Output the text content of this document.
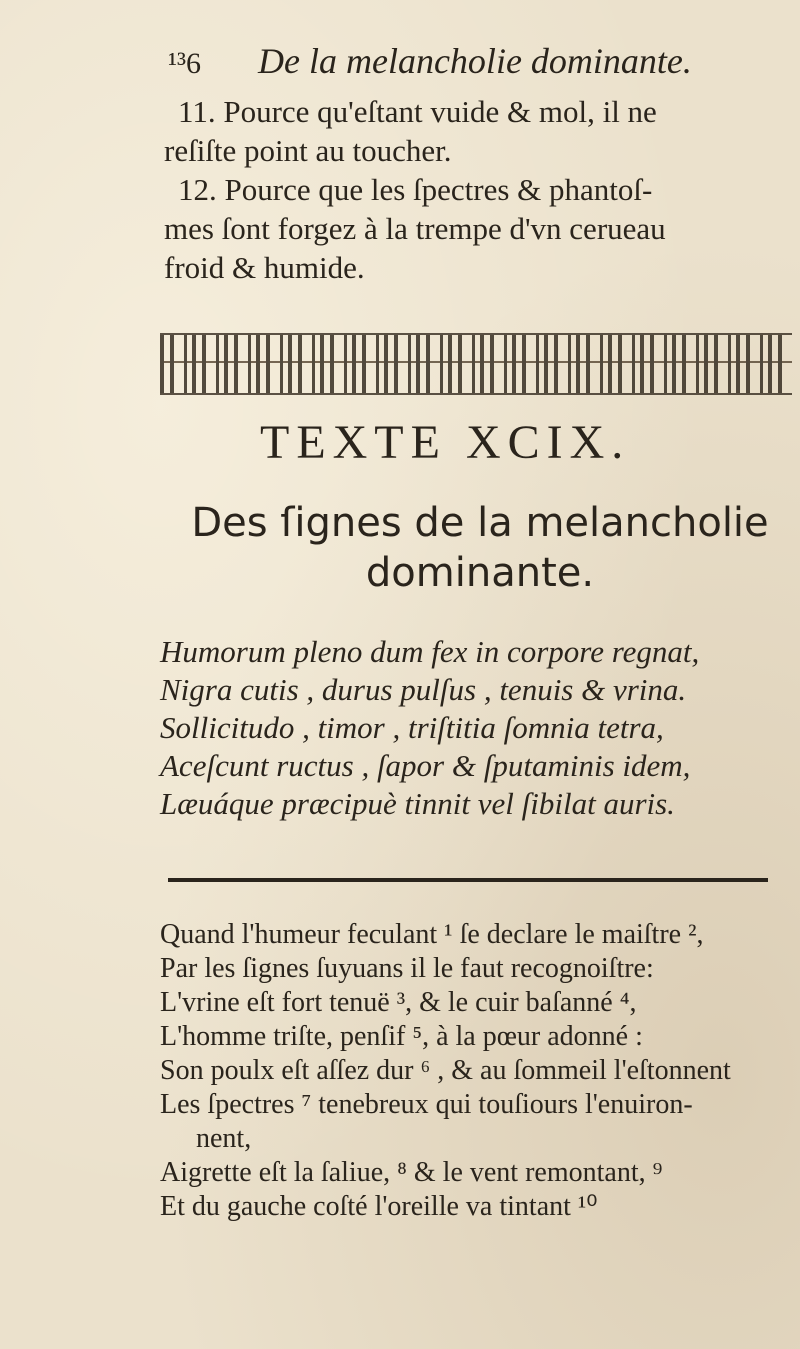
¹³6 De la melancholie dominante.

11. Pource qu'eſtant vuide & mol, il ne

reſiſte point au toucher.

12. Pource que les ſpectres & phantoſ-

mes ſont forgez à la trempe d'vn cerueau

froid & humide.

TEXTE XCIX.
Des ſignes de la melancholie
dominante.

Humorum pleno dum fex in corpore regnat,

Nigra cutis , durus pulſus , tenuis & vrina.

Sollicitudo , timor , triſtitia ſomnia tetra,

Aceſcunt ructus , ſapor & ſputaminis idem,

Læuáque præcipuè tinnit vel ſibilat auris.

Quand l'humeur feculant ¹ ſe declare le maiſtre ²,

Par les ſignes ſuyuans il le faut recognoiſtre:

L'vrine eſt fort tenuë ³, & le cuir baſanné ⁴,

L'homme triſte, penſif ⁵, à la pœur adonné :

Son poulx eſt aſſez dur ⁶ , & au ſommeil l'eſtonnent

Les ſpectres ⁷ tenebreux qui touſiours l'enuiron-

nent,

Aigrette eſt la ſaliue, ⁸ & le vent remontant, ⁹

Et du gauche coſté l'oreille va tintant ¹⁰
